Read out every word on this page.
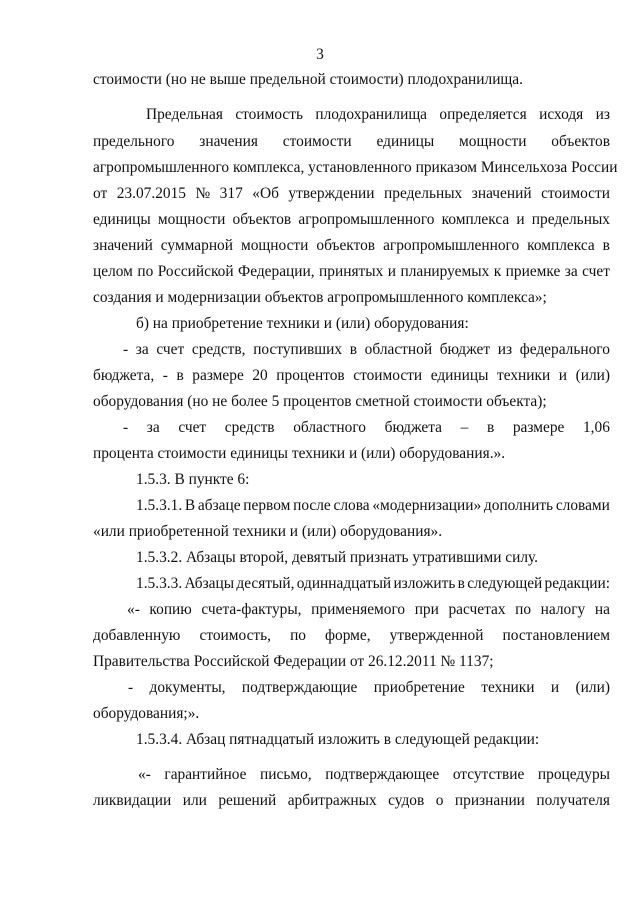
3
стоимости (но не выше предельной стоимости) плодохранилища.
Предельная стоимость плодохранилища определяется исходя из
предельного значения стоимости единицы мощности объектов
агропромышленного комплекса, установленного приказом Минсельхоза России
от 23.07.2015 № 317 «Об утверждении предельных значений стоимости
единицы мощности объектов агропромышленного комплекса и предельных
значений суммарной мощности объектов агропромышленного комплекса в
целом по Российской Федерации, принятых и планируемых к приемке за счет
создания и модернизации объектов агропромышленного комплекса»;
б) на приобретение техники и (или) оборудования:
- за счет средств, поступивших в областной бюджет из федерального
бюджета, - в размере 20 процентов стоимости единицы техники и (или)
оборудования (но не более 5 процентов сметной стоимости объекта);
- за счет средств областного бюджета – в размере 1,06
процента стоимости единицы техники и (или) оборудования.».
1.5.3. В пункте 6:
1.5.3.1. В абзаце первом после слова «модернизации» дополнить словами
«или приобретенной техники и (или) оборудования».
1.5.3.2. Абзацы второй, девятый признать утратившими силу.
1.5.3.3. Абзацы десятый, одиннадцатый изложить в следующей редакции:
«- копию счета-фактуры, применяемого при расчетах по налогу на
добавленную стоимость, по форме, утвержденной постановлением
Правительства Российской Федерации от 26.12.2011 № 1137;
- документы, подтверждающие приобретение техники и (или)
оборудования;».
1.5.3.4. Абзац пятнадцатый изложить в следующей редакции:
«- гарантийное письмо, подтверждающее отсутствие процедуры
ликвидации или решений арбитражных судов о признании получателя
